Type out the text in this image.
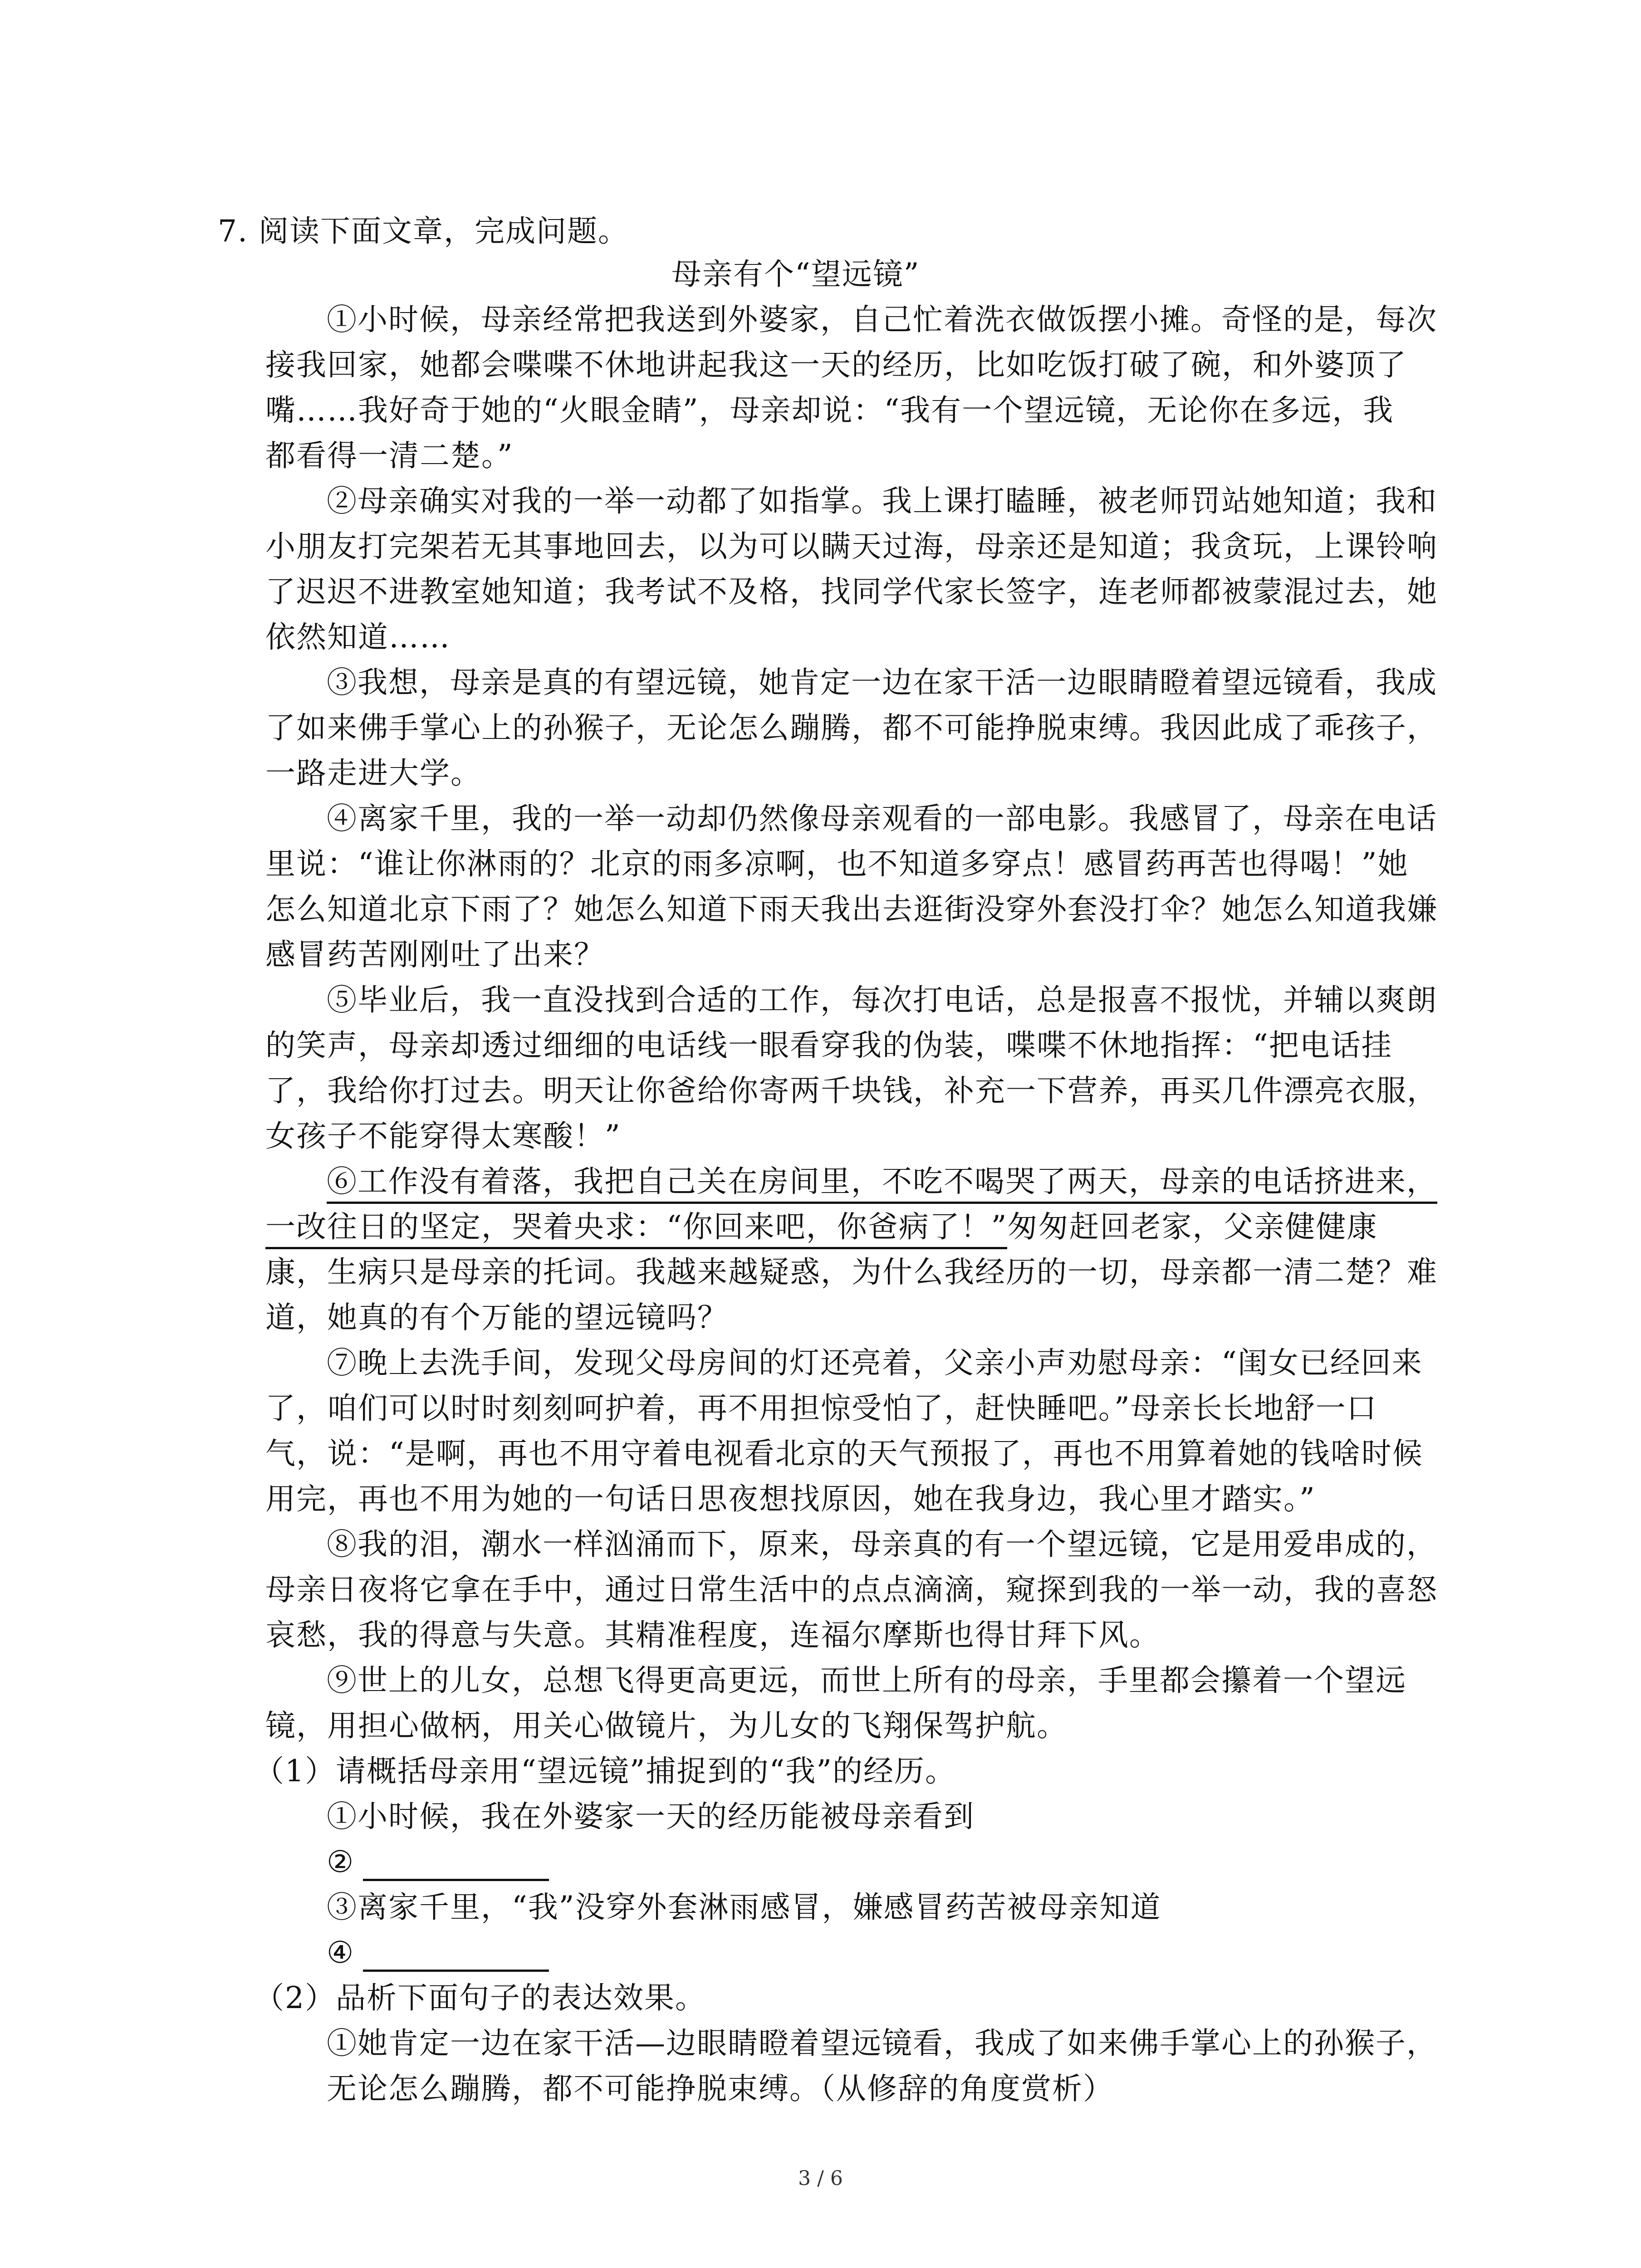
7. 阅读下面文章，完成问题。
母亲有个“望远镜”
①小时候，母亲经常把我送到外婆家，自己忙着洗衣做饭摆小摊。奇怪的是，每次
接我回家，她都会喋喋不休地讲起我这一天的经历，比如吃饭打破了碗，和外婆顶了
嘴……我好奇于她的“火眼金睛”，母亲却说：“我有一个望远镜，无论你在多远，我
都看得一清二楚。”
②母亲确实对我的一举一动都了如指掌。我上课打瞌睡，被老师罚站她知道；我和
小朋友打完架若无其事地回去，以为可以瞒天过海，母亲还是知道；我贪玩，上课铃响
了迟迟不进教室她知道；我考试不及格，找同学代家长签字，连老师都被蒙混过去，她
依然知道……
③我想，母亲是真的有望远镜，她肯定一边在家干活一边眼睛瞪着望远镜看，我成
了如来佛手掌心上的孙猴子，无论怎么蹦腾，都不可能挣脱束缚。我因此成了乖孩子，
一路走进大学。
④离家千里，我的一举一动却仍然像母亲观看的一部电影。我感冒了，母亲在电话
里说：“谁让你淋雨的？北京的雨多凉啊，也不知道多穿点！感冒药再苦也得喝！”她
怎么知道北京下雨了？她怎么知道下雨天我出去逛街没穿外套没打伞？她怎么知道我嫌
感冒药苦刚刚吐了出来？
⑤毕业后，我一直没找到合适的工作，每次打电话，总是报喜不报忧，并辅以爽朗
的笑声，母亲却透过细细的电话线一眼看穿我的伪装，喋喋不休地指挥：“把电话挂
了，我给你打过去。明天让你爸给你寄两千块钱，补充一下营养，再买几件漂亮衣服，
女孩子不能穿得太寒酸！”
⑥工作没有着落，我把自己关在房间里，不吃不喝哭了两天，母亲的电话挤进来，
一改往日的坚定，哭着央求：“你回来吧，你爸病了！”匆匆赶回老家，父亲健健康
康，生病只是母亲的托词。我越来越疑惑，为什么我经历的一切，母亲都一清二楚？难
道，她真的有个万能的望远镜吗？
⑦晚上去洗手间，发现父母房间的灯还亮着，父亲小声劝慰母亲：“闺女已经回来
了，咱们可以时时刻刻呵护着，再不用担惊受怕了，赶快睡吧。”母亲长长地舒一口
气，说：“是啊，再也不用守着电视看北京的天气预报了，再也不用算着她的钱啥时候
用完，再也不用为她的一句话日思夜想找原因，她在我身边，我心里才踏实。”
⑧我的泪，潮水一样汹涌而下，原来，母亲真的有一个望远镜，它是用爱串成的，
母亲日夜将它拿在手中，通过日常生活中的点点滴滴，窥探到我的一举一动，我的喜怒
哀愁，我的得意与失意。其精准程度，连福尔摩斯也得甘拜下风。
⑨世上的儿女，总想飞得更高更远，而世上所有的母亲，手里都会攥着一个望远
镜，用担心做柄，用关心做镜片，为儿女的飞翔保驾护航。
（1）请概括母亲用“望远镜”捕捉到的“我”的经历。
①小时候，我在外婆家一天的经历能被母亲看到
②
③离家千里，“我”没穿外套淋雨感冒，嫌感冒药苦被母亲知道
④
（2）品析下面句子的表达效果。
①她肯定一边在家干活—边眼睛瞪着望远镜看，我成了如来佛手掌心上的孙猴子，
无论怎么蹦腾，都不可能挣脱束缚。（从修辞的角度赏析）
3 / 6
